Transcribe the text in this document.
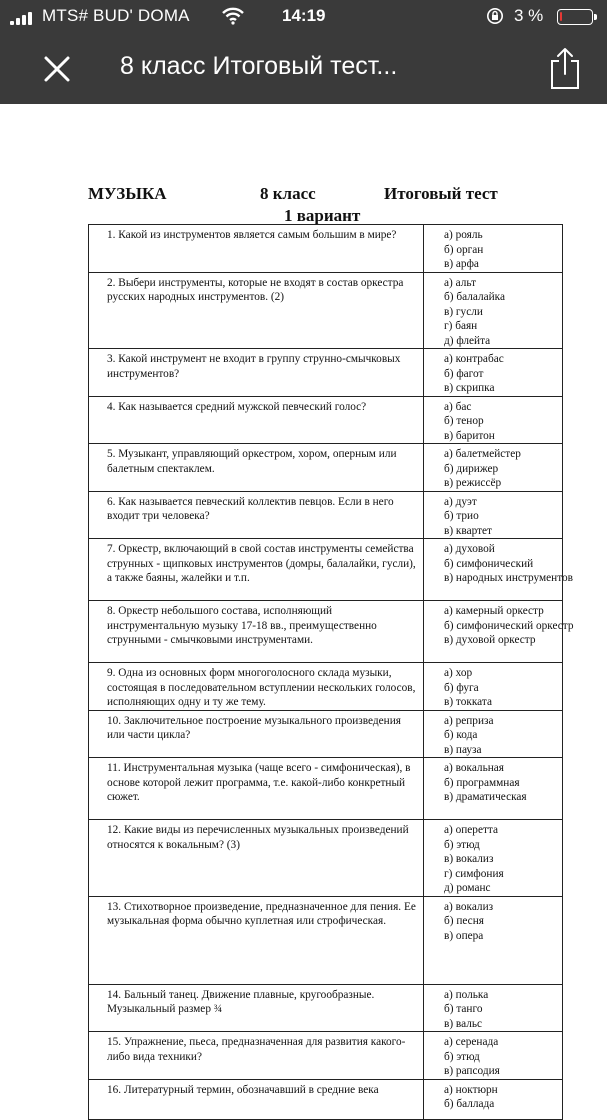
MTS# BUD' DOMA	14:19	3 %
8 класс Итоговый тест...
МУЗЫКА	8 класс	Итоговый тест
1 вариант
1. Какой из инструментов является самым большим в мире?	а) рояль
б) орган
в) арфа

2. Выбери инструменты, которые не входят в состав оркестра русских народных инструментов. (2)	а) альт
б) балалайка
в) гусли
г) баян
д) флейта

3. Какой инструмент не входит в группу струнно-смычковых инструментов?	а) контрабас
б) фагот
в) скрипка

4. Как называется средний мужской певческий голос?	а) бас
б) тенор
в) баритон

5. Музыкант, управляющий оркестром, хором, оперным или балетным спектаклем.	а) балетмейстер
б) дирижер
в) режиссёр

6. Как называется певческий коллектив певцов. Если в него входит три человека?	а) дуэт
б) трио
в) квартет

7. Оркестр, включающий в свой состав инструменты семейства струнных - щипковых инструментов (домры, балалайки, гусли), а также баяны, жалейки и т.п.	а) духовой
б) симфонический
в) народных инструментов

8. Оркестр небольшого состава, исполняющий инструментальную музыку 17-18 вв., преимущественно струнными - смычковыми инструментами.	а) камерный оркестр
б) симфонический оркестр
в) духовой оркестр

9. Одна из основных форм многоголосного склада музыки, состоящая в последовательном вступлении нескольких голосов, исполняющих одну и ту же тему.	а) хор
б) фуга
в) токката

10. Заключительное построение музыкального произведения или части цикла?	а) реприза
б) кода
в) пауза

11. Инструментальная музыка (чаще всего - симфоническая), в основе которой лежит программа, т.е. какой-либо конкретный сюжет.	а) вокальная
б) программная
в) драматическая

12. Какие виды из перечисленных музыкальных произведений относятся к вокальным? (3)	а) оперетта
б) этюд
в) вокализ
г) симфония
д) романс

13. Стихотворное произведение, предназначенное для пения. Ее музыкальная форма обычно куплетная или строфическая.	а) вокализ
б) песня
в) опера

14. Бальный танец. Движение плавные, кругообразные. Музыкальный размер ¾	а) полька
б) танго
в) вальс

15. Упражнение, пьеса, предназначенная для развития какого-либо вида техники?	а) серенада
б) этюд
в) рапсодия

16. Литературный термин, обозначавший в средние века	а) ноктюрн
б) баллада
